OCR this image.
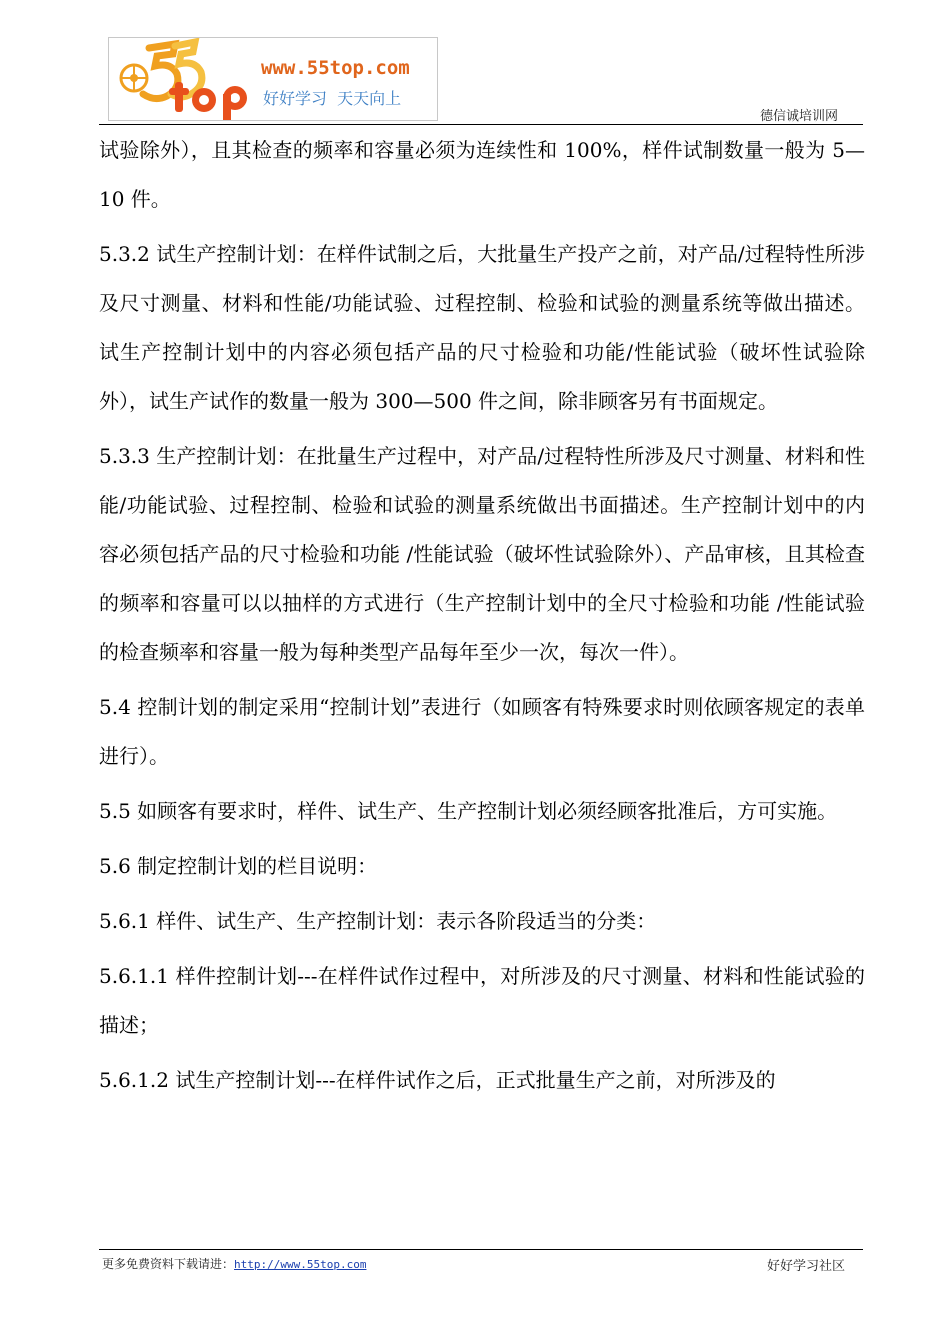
www.55top.com
好好学习  天天向上
德信诚培训网

试验除外），且其检查的频率和容量必须为连续性和 100%，样件试制数量一般为 5—10 件。

5.3.2 试生产控制计划：在样件试制之后，大批量生产投产之前，对产品/过程特性所涉及尺寸测量、材料和性能/功能试验、过程控制、检验和试验的测量系统等做出描述。试生产控制计划中的内容必须包括产品的尺寸检验和功能/性能试验（破坏性试验除外），试生产试作的数量一般为 300—500 件之间，除非顾客另有书面规定。

5.3.3 生产控制计划：在批量生产过程中，对产品/过程特性所涉及尺寸测量、材料和性能/功能试验、过程控制、检验和试验的测量系统做出书面描述。生产控制计划中的内容必须包括产品的尺寸检验和功能 /性能试验（破坏性试验除外）、产品审核，且其检查的频率和容量可以以抽样的方式进行（生产控制计划中的全尺寸检验和功能 /性能试验的检查频率和容量一般为每种类型产品每年至少一次，每次一件）。

5.4 控制计划的制定采用“控制计划”表进行（如顾客有特殊要求时则依顾客规定的表单进行）。

5.5 如顾客有要求时，样件、试生产、生产控制计划必须经顾客批准后，方可实施。

5.6 制定控制计划的栏目说明：

5.6.1 样件、试生产、生产控制计划：表示各阶段适当的分类：

5.6.1.1 样件控制计划---在样件试作过程中，对所涉及的尺寸测量、材料和性能试验的描述；

5.6.1.2 试生产控制计划---在样件试作之后，正式批量生产之前，对所涉及的

更多免费资料下载请进：http://www.55top.com	好好学习社区
